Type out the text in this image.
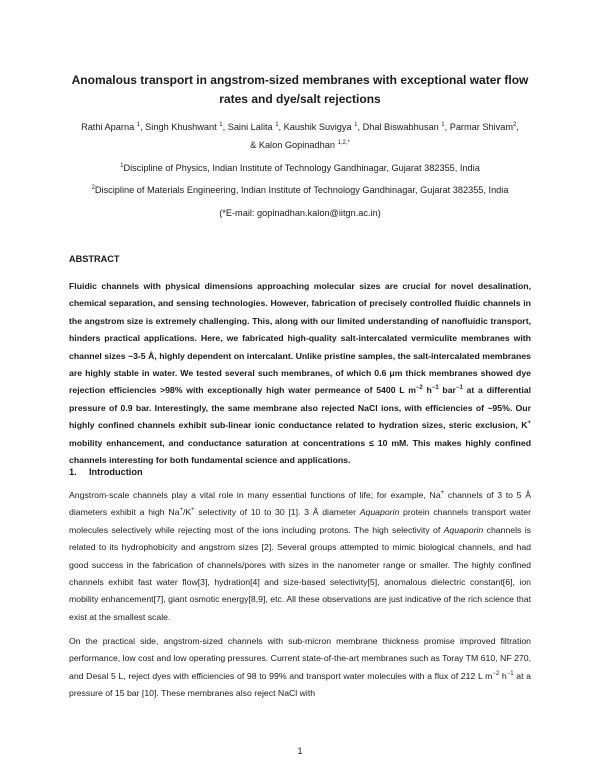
Anomalous transport in angstrom-sized membranes with exceptional water flow rates and dye/salt rejections
Rathi Aparna $^1$, Singh Khushwant $^1$, Saini Lalita $^1$, Kaushik Suvigya $^1$, Dhal Biswabhusan $^1$, Parmar Shivam$^2$,
& Kalon Gopinadhan $^{1,2,*}$
$^1$Discipline of Physics, Indian Institute of Technology Gandhinagar, Gujarat 382355, India
$^2$Discipline of Materials Engineering, Indian Institute of Technology Gandhinagar, Gujarat 382355, India
(*E-mail: gopinadhan.kalon@iitgn.ac.in)
ABSTRACT
Fluidic channels with physical dimensions approaching molecular sizes are crucial for novel desalination, chemical separation, and sensing technologies. However, fabrication of precisely controlled fluidic channels in the angstrom size is extremely challenging. This, along with our limited understanding of nanofluidic transport, hinders practical applications. Here, we fabricated high-quality salt-intercalated vermiculite membranes with channel sizes ~3-5 Å, highly dependent on intercalant. Unlike pristine samples, the salt-intercalated membranes are highly stable in water. We tested several such membranes, of which 0.6 μm thick membranes showed dye rejection efficiencies >98% with exceptionally high water permeance of 5400 L $m^{-2}$ $h^{-1}$ bar$^{-1}$ at a differential pressure of 0.9 bar. Interestingly, the same membrane also rejected NaCl ions, with efficiencies of ~95%. Our highly confined channels exhibit sub-linear ionic conductance related to hydration sizes, steric exclusion, K+ mobility enhancement, and conductance saturation at concentrations ≤ 10 mM. This makes highly confined channels interesting for both fundamental science and applications.
1. Introduction
Angstrom-scale channels play a vital role in many essential functions of life; for example, Na+ channels of 3 to 5 Å diameters exhibit a high Na+/K+ selectivity of 10 to 30 [1]. 3 Å diameter Aquaporin protein channels transport water molecules selectively while rejecting most of the ions including protons. The high selectivity of Aquaporin channels is related to its hydrophobicity and angstrom sizes [2]. Several groups attempted to mimic biological channels, and had good success in the fabrication of channels/pores with sizes in the nanometer range or smaller. The highly confined channels exhibit fast water flow[3], hydration[4] and size-based selectivity[5], anomalous dielectric constant[6], ion mobility enhancement[7], giant osmotic energy[8,9], etc. All these observations are just indicative of the rich science that exist at the smallest scale.
On the practical side, angstrom-sized channels with sub-micron membrane thickness promise improved filtration performance, low cost and low operating pressures. Current state-of-the-art membranes such as Toray TM 610, NF 270, and Desal 5 L, reject dyes with efficiencies of 98 to 99% and transport water molecules with a flux of 212 L $m^{-2}$ $h^{-1}$ at a pressure of 15 bar [10]. These membranes also reject NaCl with
1
